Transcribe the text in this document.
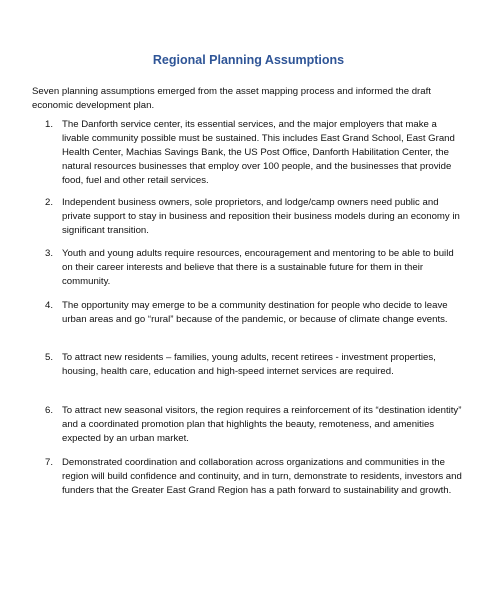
Regional Planning Assumptions

Seven planning assumptions emerged from the asset mapping process and informed the draft economic development plan.

1. The Danforth service center, its essential services, and the major employers that make a livable community possible must be sustained. This includes East Grand School, East Grand Health Center, Machias Savings Bank, the US Post Office, Danforth Habilitation Center, the natural resources businesses that employ over 100 people, and the businesses that provide food, fuel and other retail services.
2. Independent business owners, sole proprietors, and lodge/camp owners need public and private support to stay in business and reposition their business models during an economy in significant transition.
3. Youth and young adults require resources, encouragement and mentoring to be able to build on their career interests and believe that there is a sustainable future for them in their community.
4. The opportunity may emerge to be a community destination for people who decide to leave urban areas and go “rural” because of the pandemic, or because of climate change events.
5. To attract new residents – families, young adults, recent retirees - investment properties, housing, health care, education and high-speed internet services are required.
6. To attract new seasonal visitors, the region requires a reinforcement of its “destination identity” and a coordinated promotion plan that highlights the beauty, remoteness, and amenities expected by an urban market.
7. Demonstrated coordination and collaboration across organizations and communities in the region will build confidence and continuity, and in turn, demonstrate to residents, investors and funders that the Greater East Grand Region has a path forward to sustainability and growth.
